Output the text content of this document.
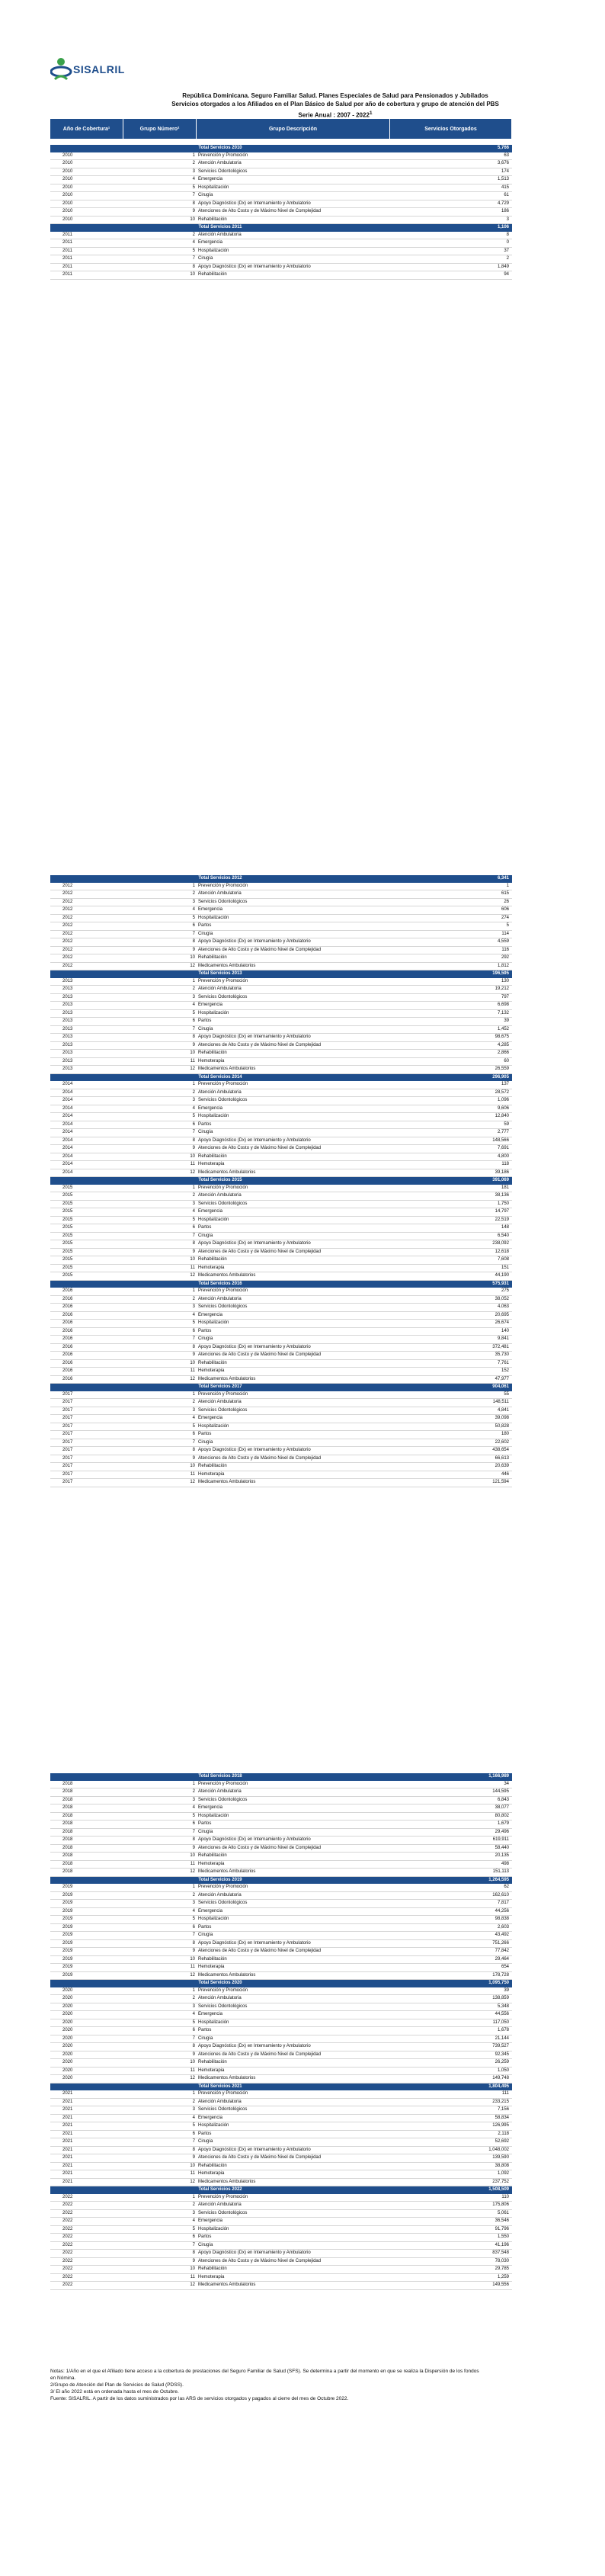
SISALRIL
República Dominicana. Seguro Familiar Salud. Planes Especiales de Salud para Pensionados y Jubilados
Servicios otorgados a los Afiliados en el Plan Básico de Salud por año de cobertura y grupo de atención del PBS
Serie Anual : 2007 - 2022$^1$
Año de Cobertura¹	Grupo Número²	Grupo Descripción	Servicios Otorgados
Total Servicios 2010	5,766
2010	1 Prevención y Promoción	63
2010	2 Atención Ambulatoria	3,676
2010	3 Servicios Odontológicos	174
2010	4 Emergencia	1,513
2010	5 Hospitalización	415
2010	7 Cirugía	61
2010	8 Apoyo Diagnóstico (Dx) en Internamiento y Ambulatorio	4,729
2010	9 Atenciones de Alto Costo y de Máximo Nivel de Complejidad	186
2010	10 Rehabilitación	3
Total Servicios 2011	1,106
2011	2 Atención Ambulatoria	8
2011	4 Emergencia	0
2011	5 Hospitalización	37
2011	7 Cirugía	2
2011	8 Apoyo Diagnóstico (Dx) en Internamiento y Ambulatorio	1,849
2011	10 Rehabilitación	94
Total Servicios 2012	6,341
2012	1 Prevención y Promoción	1
2012	2 Atención Ambulatoria	615
2012	3 Servicios Odontológicos	26
2012	4 Emergencia	606
2012	5 Hospitalización	274
2012	6 Partos	5
2012	7 Cirugía	114
2012	8 Apoyo Diagnóstico (Dx) en Internamiento y Ambulatorio	4,559
2012	9 Atenciones de Alto Costo y de Máximo Nivel de Complejidad	116
2012	10 Rehabilitación	292
2012	12 Medicamentos Ambulatorios	1,812
Total Servicios 2013	196,595
2013	1 Prevención y Promoción	130
2013	2 Atención Ambulatoria	19,212
2013	3 Servicios Odontológicos	797
2013	4 Emergencia	6,698
2013	5 Hospitalización	7,132
2013	6 Partos	39
2013	7 Cirugía	1,452
2013	8 Apoyo Diagnóstico (Dx) en Internamiento y Ambulatorio	98,675
2013	9 Atenciones de Alto Costo y de Máximo Nivel de Complejidad	4,285
2013	10 Rehabilitación	2,866
2013	11 Hemoterapia	60
2013	12 Medicamentos Ambulatorios	26,559
Total Servicios 2014	296,905
2014	1 Prevención y Promoción	137
2014	2 Atención Ambulatoria	28,572
2014	3 Servicios Odontológicos	1,096
2014	4 Emergencia	9,606
2014	5 Hospitalización	12,840
2014	6 Partos	59
2014	7 Cirugía	2,777
2014	8 Apoyo Diagnóstico (Dx) en Internamiento y Ambulatorio	148,566
2014	9 Atenciones de Alto Costo y de Máximo Nivel de Complejidad	7,691
2014	10 Rehabilitación	4,800
2014	11 Hemoterapia	118
2014	12 Medicamentos Ambulatorios	39,186
Total Servicios 2015	391,069
2015	1 Prevención y Promoción	181
2015	2 Atención Ambulatoria	38,136
2015	3 Servicios Odontológicos	1,750
2015	4 Emergencia	14,797
2015	5 Hospitalización	22,519
2015	6 Partos	148
2015	7 Cirugía	6,540
2015	8 Apoyo Diagnóstico (Dx) en Internamiento y Ambulatorio	238,092
2015	9 Atenciones de Alto Costo y de Máximo Nivel de Complejidad	12,618
2015	10 Rehabilitación	7,608
2015	11 Hemoterapia	151
2015	12 Medicamentos Ambulatorios	44,190
Total Servicios 2016	575,931
2016	1 Prevención y Promoción	275
2016	2 Atención Ambulatoria	38,052
2016	3 Servicios Odontológicos	4,063
2016	4 Emergencia	20,695
2016	5 Hospitalización	26,674
2016	6 Partos	140
2016	7 Cirugía	9,841
2016	8 Apoyo Diagnóstico (Dx) en Internamiento y Ambulatorio	372,481
2016	9 Atenciones de Alto Costo y de Máximo Nivel de Complejidad	35,730
2016	10 Rehabilitación	7,761
2016	11 Hemoterapia	152
2016	12 Medicamentos Ambulatorios	47,977
Total Servicios 2017	904,061
2017	1 Prevención y Promoción	55
2017	2 Atención Ambulatoria	148,511
2017	3 Servicios Odontológicos	4,841
2017	4 Emergencia	39,098
2017	5 Hospitalización	50,828
2017	6 Partos	180
2017	7 Cirugía	22,602
2017	8 Apoyo Diagnóstico (Dx) en Internamiento y Ambulatorio	438,654
2017	9 Atenciones de Alto Costo y de Máximo Nivel de Complejidad	66,613
2017	10 Rehabilitación	20,639
2017	11 Hemoterapia	446
2017	12 Medicamentos Ambulatorios	121,594
Total Servicios 2018	1,166,989
2018	1 Prevención y Promoción	34
2018	2 Atención Ambulatoria	144,595
2018	3 Servicios Odontológicos	6,843
2018	4 Emergencia	38,077
2018	5 Hospitalización	80,802
2018	6 Partos	1,679
2018	7 Cirugía	29,496
2018	8 Apoyo Diagnóstico (Dx) en Internamiento y Ambulatorio	619,911
2018	9 Atenciones de Alto Costo y de Máximo Nivel de Complejidad	58,440
2018	10 Rehabilitación	20,135
2018	11 Hemoterapia	498
2018	12 Medicamentos Ambulatorios	151,113
Total Servicios 2019	1,264,595
2019	1 Prevención y Promoción	62
2019	2 Atención Ambulatoria	162,610
2019	3 Servicios Odontológicos	7,817
2019	4 Emergencia	44,256
2019	5 Hospitalización	98,838
2019	6 Partos	2,603
2019	7 Cirugía	43,492
2019	8 Apoyo Diagnóstico (Dx) en Internamiento y Ambulatorio	751,266
2019	9 Atenciones de Alto Costo y de Máximo Nivel de Complejidad	77,842
2019	10 Rehabilitación	29,464
2019	11 Hemoterapia	654
2019	12 Medicamentos Ambulatorios	178,728
Total Servicios 2020	1,095,750
2020	1 Prevención y Promoción	39
2020	2 Atención Ambulatoria	138,859
2020	3 Servicios Odontológicos	5,348
2020	4 Emergencia	44,556
2020	5 Hospitalización	117,050
2020	6 Partos	1,678
2020	7 Cirugía	21,144
2020	8 Apoyo Diagnóstico (Dx) en Internamiento y Ambulatorio	739,527
2020	9 Atenciones de Alto Costo y de Máximo Nivel de Complejidad	92,345
2020	10 Rehabilitación	26,259
2020	11 Hemoterapia	1,050
2020	12 Medicamentos Ambulatorios	149,748
Total Servicios 2021	1,804,495
2021	1 Prevención y Promoción	111
2021	2 Atención Ambulatoria	233,215
2021	3 Servicios Odontológicos	7,156
2021	4 Emergencia	58,834
2021	5 Hospitalización	126,995
2021	6 Partos	2,118
2021	7 Cirugía	52,692
2021	8 Apoyo Diagnóstico (Dx) en Internamiento y Ambulatorio	1,048,002
2021	9 Atenciones de Alto Costo y de Máximo Nivel de Complejidad	139,590
2021	10 Rehabilitación	38,808
2021	11 Hemoterapia	1,092
2021	12 Medicamentos Ambulatorios	237,752
Total Servicios 2022	1,508,509
2022	1 Prevención y Promoción	110
2022	2 Atención Ambulatoria	175,806
2022	3 Servicios Odontológicos	5,061
2022	4 Emergencia	36,546
2022	5 Hospitalización	91,796
2022	6 Partos	1,550
2022	7 Cirugía	41,196
2022	8 Apoyo Diagnóstico (Dx) en Internamiento y Ambulatorio	837,548
2022	9 Atenciones de Alto Costo y de Máximo Nivel de Complejidad	78,030
2022	10 Rehabilitación	29,785
2022	11 Hemoterapia	1,259
2022	12 Medicamentos Ambulatorios	149,556
Notas: 1/Año en el que el Afiliado tiene acceso a la cobertura de prestaciones del Seguro Familiar de Salud (SFS). Se determina a partir del momento en que se realiza la Dispersión de los fondos
en Nómina.
2/Grupo de Atención del Plan de Servicios de Salud (PDSS).
3/ El año 2022 está en ordenada hasta el mes de Octubre.
Fuente: SISALRIL. A partir de los datos suministrados por las ARS de servicios otorgados y pagados al cierre del mes de Octubre 2022.
